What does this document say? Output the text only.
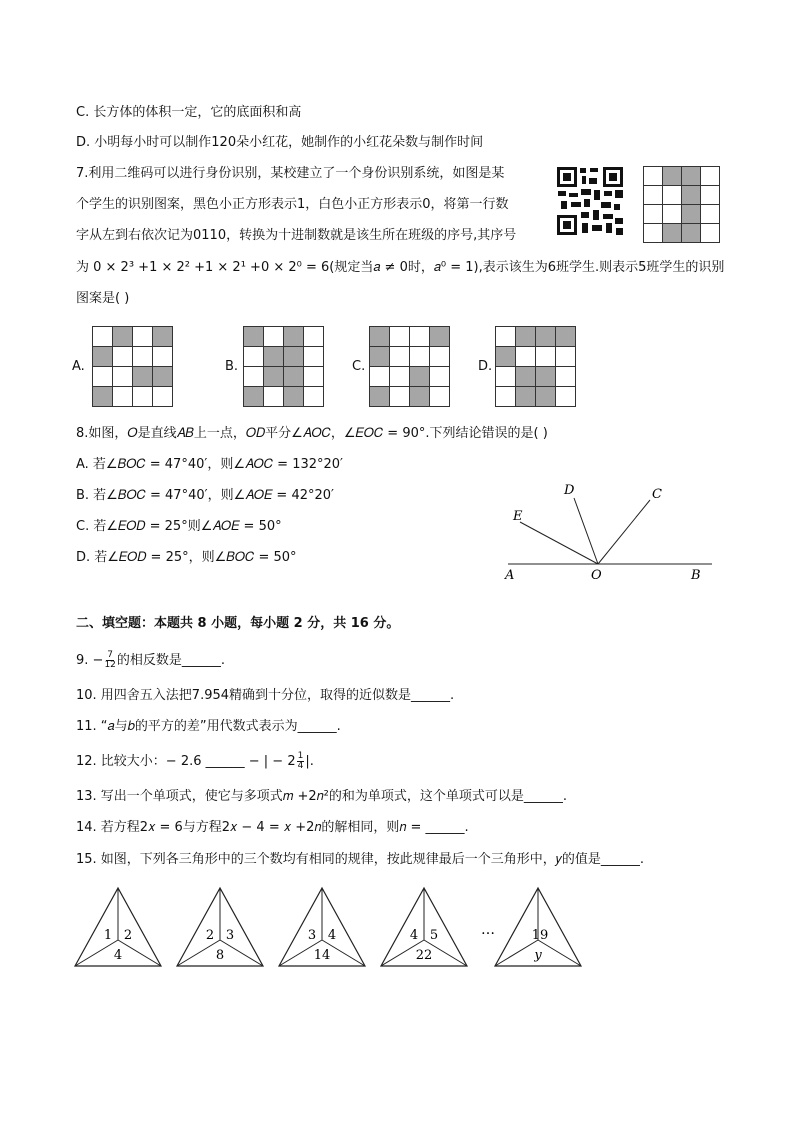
C. 长方体的体积一定，它的底面积和高
D. 小明每小时可以制作120朵小红花，她制作的小红花朵数与制作时间
7.利用二维码可以进行身份识别，某校建立了一个身份识别系统，如图是某
个学生的识别图案，黑色小正方形表示1，白色小正方形表示0，将第一行数
字从左到右依次记为0110，转换为十进制数就是该生所在班级的序号,其序号
为 0 × 2³ +1 × 2² +1 × 2¹ +0 × 2⁰ = 6(规定当𝑎 ≠ 0时，𝑎⁰ = 1),表示该生为6班学生.则表示5班学生的识别
图案是( )
A.	B.	C.	D.
8.如图，𝑂是直线𝐴𝐵上一点，𝑂𝐷平分∠𝐴𝑂𝐶，∠𝐸𝑂𝐶 = 90°.下列结论错误的是( )
A. 若∠𝐵𝑂𝐶 = 47°40′，则∠𝐴𝑂𝐶 = 132°20′
B. 若∠𝐵𝑂𝐶 = 47°40′，则∠𝐴𝑂𝐸 = 42°20′
C. 若∠𝐸𝑂𝐷 = 25°则∠𝐴𝑂𝐸 = 50°
D. 若∠𝐸𝑂𝐷 = 25°，则∠𝐵𝑂𝐶 = 50°
A	O	B
C
D
E
二、填空题：本题共 8 小题，每小题 2 分，共 16 分。
9. − $\frac{7}{12}$ 的相反数是______.
10. 用四舍五入法把7.954精确到十分位，取得的近似数是______.
11. “𝑎与𝑏的平方的差”用代数式表示为______.
12. 比较大小：− 2.6 ______ − | − $2 \frac{1}{4}$ |.
13. 写出一个单项式，使它与多项式𝑚 +2𝑛²的和为单项式，这个单项式可以是______.
14. 若方程2𝑥 = 6与方程2𝑥 − 4 = 𝑥 +2𝑛的解相同，则𝑛 = ______.
15. 如图，下列各三角形中的三个数均有相同的规律，按此规律最后一个三角形中，𝑦的值是______.
1 2
4
2 3
8
3 4
14
4 5
22
19
y
…
